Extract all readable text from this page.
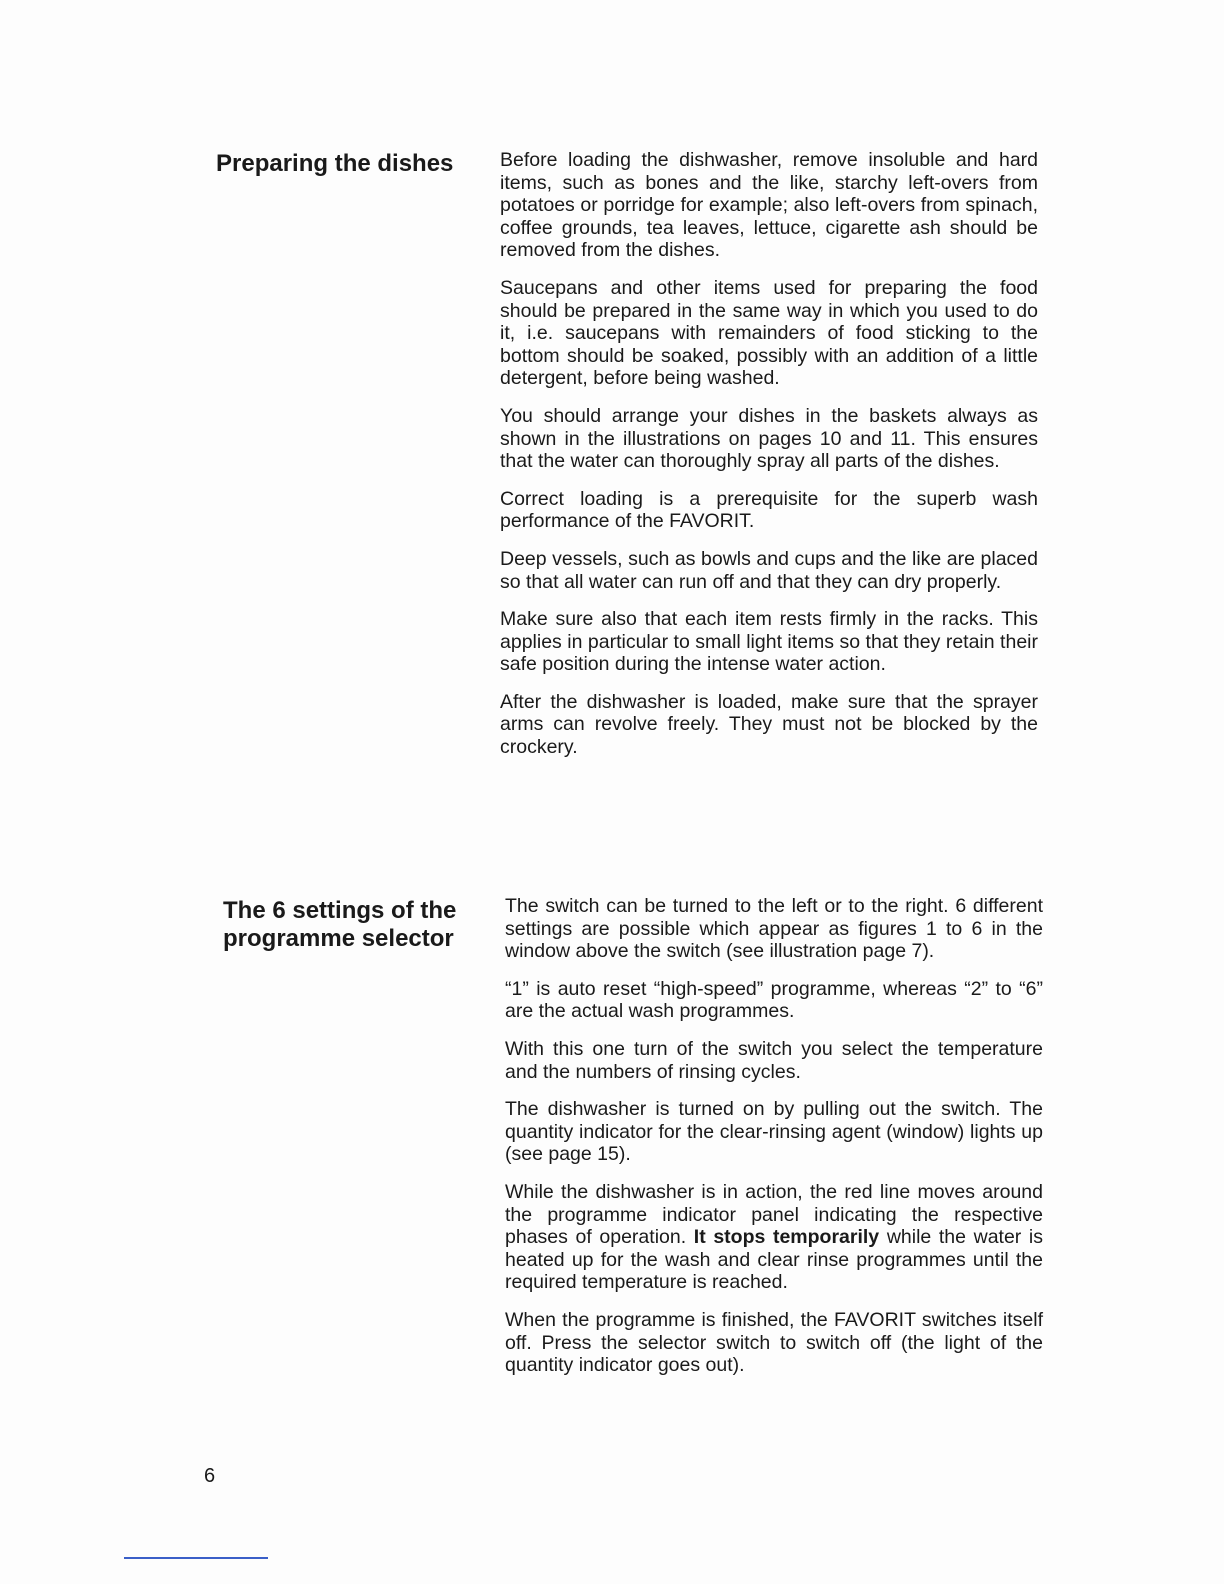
Preparing the dishes	Before loading the dishwasher, remove insoluble and hard items, such as bones and the like, starchy left-overs from potatoes or porridge for example; also left-overs from spinach, coffee grounds, tea leaves, lettuce, cigarette ash should be removed from the dishes.

Saucepans and other items used for preparing the food should be prepared in the same way in which you used to do it, i.e. saucepans with remainders of food sticking to the bottom should be soaked, possibly with an addition of a little detergent, before being washed.

You should arrange your dishes in the baskets always as shown in the illustrations on pages 10 and 11. This ensures that the water can thoroughly spray all parts of the dishes.

Correct loading is a prerequisite for the superb wash performance of the FAVORIT.

Deep vessels, such as bowls and cups and the like are placed so that all water can run off and that they can dry properly.

Make sure also that each item rests firmly in the racks. This applies in particular to small light items so that they retain their safe position during the intense water action.

After the dishwasher is loaded, make sure that the sprayer arms can revolve freely. They must not be blocked by the crockery.

The 6 settings of the
programme selector

The switch can be turned to the left or to the right. 6 different settings are possible which appear as figures 1 to 6 in the window above the switch (see illustration page 7).

“1” is auto reset “high-speed” programme, whereas “2” to “6” are the actual wash programmes.

With this one turn of the switch you select the temperature and the numbers of rinsing cycles.

The dishwasher is turned on by pulling out the switch. The quantity indicator for the clear-rinsing agent (window) lights up (see page 15).

While the dishwasher is in action, the red line moves around the programme indicator panel indicating the respective phases of operation. It stops temporarily while the water is heated up for the wash and clear rinse programmes until the required temperature is reached.

When the programme is finished, the FAVORIT switches itself off. Press the selector switch to switch off (the light of the quantity indicator goes out).

6
